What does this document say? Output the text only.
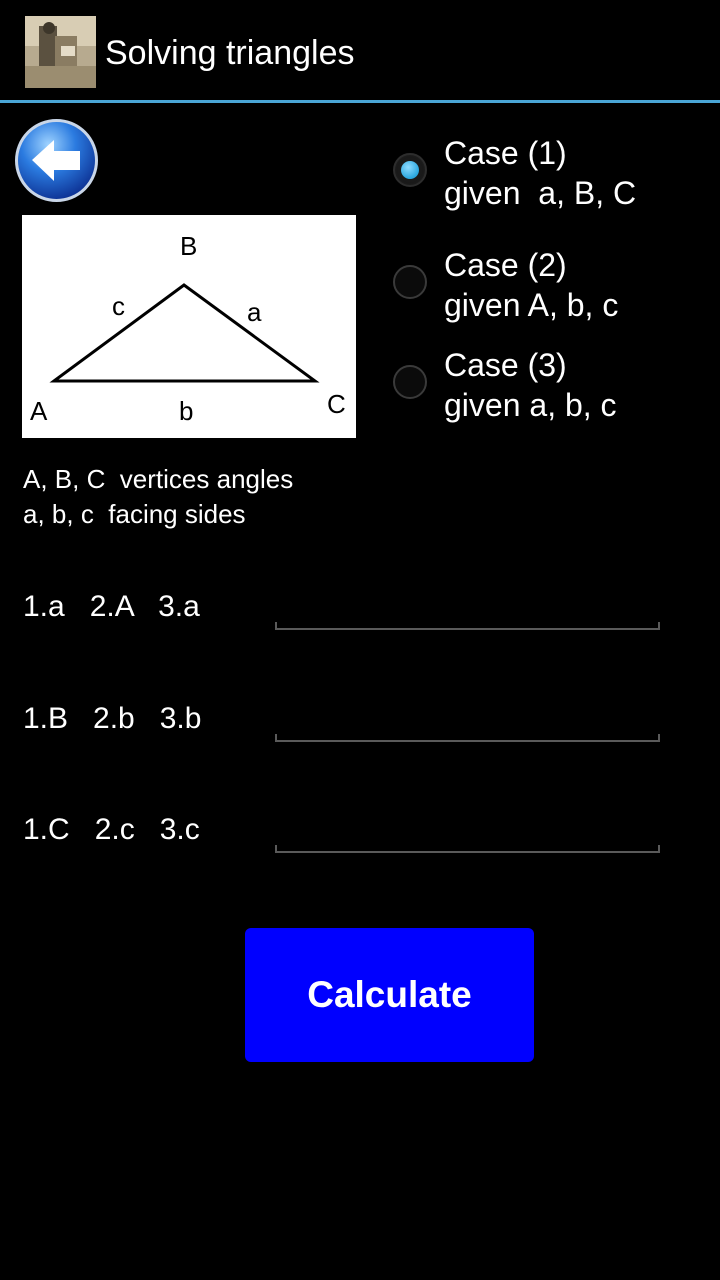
Solving triangles
B
A	C
c	a
b
A, B, C  vertices angles
a, b, c  facing sides
Case (1)
given  a, B, C
Case (2)
given A, b, c
Case (3)
given a, b, c
1.a   2.A   3.a
1.B   2.b   3.b
1.C   2.c   3.c
Calculate
